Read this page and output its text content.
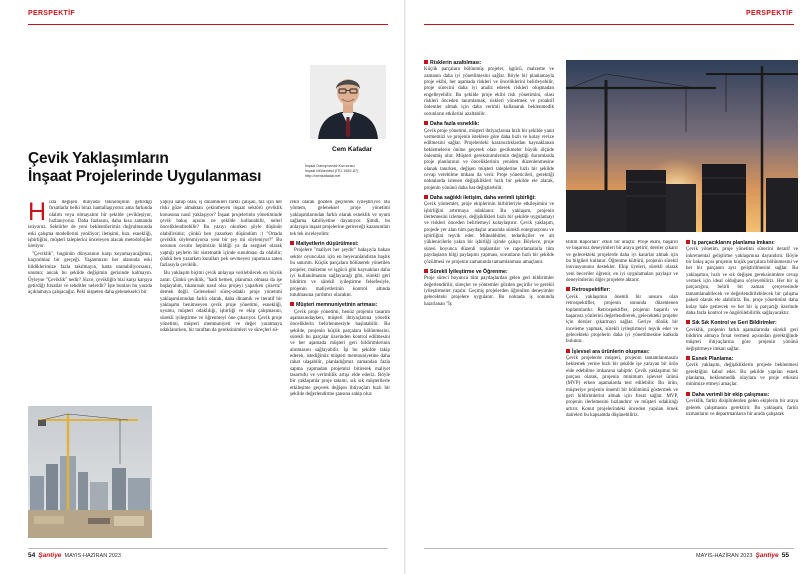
PERSPEKTİF
Cem Kafadar
İnşaat Danışmanlık Kurucusu
İnşaat Mühendisi (İTÜ 1982-87)
http://cemkafadar.net
Çevik Yaklaşımların
İnşaat Projelerinde Uygulanması
H ızla değişen dünyada teknolojinin getirdiği fırsatlarla belki biraz hantallaşıyoruz ama farkında olalım veya olmayalım bir şekilde çevikleşiyor, hızlanıyoruz. Daha fazlasını, daha kısa zamanda istiyoruz. Sektörler de yeni beklentilerimiz doğrultusunda eski çalışma modellerini yeniliyor; iletişimi, hızı, esnekliği, işbirliğini, müşteri taleplerini önceleyen alacak metodolojiler üretiyor.

"Çeviklik", bugünün dünyasının karşı koyamayacağımız, kaçınılmaz bir gerçeği. Yaşanmızın her alanında eski bildiklerimize fazla takılmayın, hatta unutabiliyorsanız, unutun; ancak bu şekilde değişimin gerisinde kalmayın. Öyleyse "Çeviklik" nedir? Sizce, çevikliğin bizi karşı karşıya getirdiği fırsatlar ve tehditler nelerdir? İşte bunları bu yazıda açıklamaya çalışacağız. Peki nispeten daha gelenekselci bir

yapıya sahip olan, iş dinamikleri farklı çalışan, hız için her riski göze almaktan çekinmeyen inşaat sektörü çeviklik konusuna nasıl yaklaşıyor? İnşaat projelerinin yönetiminde çevik bakış açısını ne şekilde kullanabilir, neleri önceliklendirebilir? Bu yazıyı okurken şöyle düşünür olabilirsiniz; çünkü ben yazarken düşündüm :) "Ortada çeviklik söylenmiyorsa yeni bir şey mi söyleniyor?" Bu sorunun cevabı hepimizin bildiği ya da sezgisel olarak yaptığı şeylerin bir sistematik içinde sunulması da olabilir; çünkü ben yazarken kuralları pek sevmeyen yapımıza zaten fazlasıyla çeviklik.

Bu yaklaşım biçimi çevik anlayışa verilebilecek en büyük zarar. Çünkü çeviklik, "hadi hemen, planımız olmasa da işe başlayalım, tıkanırsak nasıl olsa projeyi yaparken çözeriz" demek değil. Geleneksel süreç-odaklı proje yönetimi yaklaşımlarından farklı olarak, daha dinamik ve iteratif bir yaklaşımı benimseyen çevik proje yönetimi, esnekliği, uyumu, müşteri odaklılığı, işbirliği ve ekip çalışmasını, sürekli iyileştirme ve öğrenmeyi öne çıkarıyor. Çevik proje yönetimi, müşteri memnuniyeti ve değer yaratmaya odaklanırken, bir taraftan da gereksinimleri ve süreçleri sü-

rekli olarak gözden geçirerek iyileştiriyor. Bu yöntem, geleneksel proje yönetimi yaklaşımlarından farklı olarak esneklik ve uyum sağlama kabiliyetine dayanıyor. Şimdi, bu anlayışın inşaat projelerine getireceği kazanımları tek tek inceleyelim:

Maliyetlerin düşürülmesi:

Projelere "maliyet her şeydir" bakışıyla bakan sektör oyuncuları için en heyecanlandıran başlık bu sanırım. Küçük parçalara bölünerek yönetilen projeler, malzeme ve işgücü gibi kaynakları daha iyi kullanılmasını sağlayacağı gibi, sürekli geri bildirim ve sürekli iyileştirme felsefesiyle, projenin maliyetlerinin kontrol altında tutulmasına yardımcı olacaktır.

Müşteri memnuniyetinin artması:

Çevik proje yönetimi, henüz projenin tasarım aşamasındayken, müşteri ihtiyaçlarına yönelik önceliklerin belirlenmesiyle başlatabilir. Bu şekilde, projenin küçük parçalara bölünmesini, sürekli bu parçalar üzerinden kontrol edilmesini ve her aşamada müşteri geri bildirimlerinin alınmasını sağlayabilir. İşi bu şekilde takip ederek, istediğimiz müşteri memnuniyetine daha rahat ulaşabilir, planladığımız zamandan fazla sapma yapmadan projemizi bitirerek maliyet tasarrufu ve verimlilik artışı elde ederiz. Böyle bir yaklaşımla proje takımı, sık sık müşterilerle etkileşime geçerek değişen ihtiyaçları hızlı bir şekilde değerlendirme şansına sahip olur.

54 Şantiye MAYIS-HAZİRAN 2023
PERSPEKTİF
Risklerin azaltılması:

Küçük parçalara bölünmüş projeler, işgücü, malzeme ve zamanın daha iyi yönetilmesini sağlar. Böyle bir planlamayla proje ekibi, her aşamada riskleri ve önceliklerini belirleyebilir, proje sürecini daha iyi analiz ederek riskleri oluşmadan engelleyebilir. Bu şekilde proje ekibi risk yönetimini, olası riskleri önceden tanımlamak, riskleri yönetmek ve proaktif önlemler almak için daha verimli kullanarak beklenmedik sorunların etkilerini azaltabilir.

Daha fazla esneklik:

Çevik proje yönetimi, müşteri ihtiyaçlarına hızlı bir şekilde yanıt vermemizi ve projenin isteklere göre daha hızlı ve kolay revize edilmesini sağlar. Projelerdeki kararsızlıklardan kaynaklanan beklemelerin önüne geçerek olası gecikmeler büyük ölçüde önlenmiş olur. Müşteri gereksinimlerinin değiştiği durumlarda proje planlarının ve önceliklerinin yeniden düzenlenmesine olanak tanırken, değişen müşteri taleplerine hızlı bir şekilde cevap verebilme imkanı da verir. Proje yöneticileri, gerektiği noktalarda istenen değişiklikleri hızlı bir şekilde ele alarak, projenin yönünü daha hat değiştirebilir.

Daha sağlıklı iletişim, daha verimli işbirliği:

Çevik yöntemler, proje ekiplerinin birbirleriyle etkileşimini ve işbirliğini artırmaya odaklanır. Bu yaklaşım, projenin ilerlemesini izlemeyi, değişiklikleri hızlı bir şekilde uygulamayı ve riskleri önceden belirlemeyi kolaylaştırır. Çevik yaklaşım, projede yer alan tüm paydaşlar arasında sürekli entegrasyonu ve işbirliğini teşvik eder. Müteahhitler, tedarikçiler ve alt yüklenicilerle yakın bir işbirliği içinde çalışır. Böylece, proje süresi boyunca düzenli toplantılar ve raporlamalarla tüm paydaşların bilgi paylaşımı yapması, sorunların hızlı bir şekilde çözülmesi ve projenin zamanında tamamlanması amaçlanır.

Sürekli İyileştirme ve Öğrenme:

Proje süreci boyunca tüm paydaşlardan gelen geri bildirimler değerlendirilir, süreçler ve yöntemler gözden geçirilir ve gerekli iyileştirmeler yapılır. Geçmiş projelerden öğrenilen deneyimler gelecekteki projelere uygulanır. Bu noktada iş sonunda hazırlanan "İş

Bitim Raporları" etkili bir araçtır. Proje ekibi, başarılı ve başarısız deneyimleri bir araya getirir, dersler çıkarır ve gelecekteki projelerde daha iyi kararlar almak için bu bilgileri kullanır. Öğrenme kültürü, projenin sürekli inovasyonunu destekler. Ekip üyeleri, sürekli olarak yeni beceriler öğrenir, en iyi uygulamaları paylaşır ve deneyimlerini diğer projelere aktarır.

Retrospektifler:

Çevik yaklaşımın önemli bir unsuru olan retrospektifler, projenin sonunda düzenlenen toplantılardır. Retrospektifler, projenin başarılı ve başarısız yönlerini değerlendirerek, gelecekteki projeler için dersler çıkarmayı sağlar. Geriye dönük bir inceleme yapmak, sürekli iyileştirmeyi teşvik eder ve gelecekteki projelerin daha iyi yönetilmesine katkıda bulunur.

İşlevsel ara ürünlerin oluşması:

Çevik projelerde müşteri, projenin tamamlanmasını beklemek yerine hızlı bir şekilde işe yarayan bir ürün elde edebilme imkanına sahiptir. Çevik yaklaşımın bir parçası olarak, projenin minimum işlevsel ürünü (MVP) erken aşamalarda test edilebilir. Bu ürün, müşteriye projenin önemli bir bölümünü göstermek ve geri bildirimlerini almak için fırsat sağlar. MVP, projenin ilerlemesini hızlandırır ve müşteri odaklılığı artırır. Konut projelerindeki önceden yapılan örnek daireleri bu kapsamda düşünebiliriz.

İş parçacıklarını planlama imkanı:

Çevik yönetim, proje yönetimi sürecini iteratif ve inkremental geliştirme yaklaşımına dayandırır. Böyle bir bakış açısı projenin küçük parçalara bölünmesini ve her bir parçanın ayrı geliştirilmesini sağlar. Bu yaklaşımın, hızlı ve sık değişen gereksinimlere cevap vermek için ideal olduğunu söyleyebiliriz. Her bir iş parçacığını, belirli bir zaman çerçevesinde tamamlanabilecek ve değerlendirilebilecek bir çalışma paketi olarak ele alabiliriz. Bu, proje yönetimini daha kolay hale getirecek ve her bir iş parçacığı üzerinde daha fazla kontrol ve öngörülebilirlik sağlayacaktır.

Sık Sık Kontrol ve Geri Bildirimler:

Çeviklik, projenin farklı aşamalarında sürekli geri bildirim almaya fırsat vermesi açısından gerektiğinde müşteri ihtiyaçlarına göre projenin yönünü değiştirmeye imkan sağlar.

Esnek Planlama:

Çevik yaklaşım, değişikliklerin projede beklenmesi gerektiğini kabul eder. Bu şekilde yapılan esnek planlama, beklenmedik olaylara ve proje etkisini minimize etmeyi amaçlar.

Daha verimli bir ekip çalışması:

Çeviklik, farklı disiplinlerden gelen ekiplerin bir araya gelerek çalışmasını gerektirir. Bu yaklaşım, farklı uzmanların ve departmanların bir arada çalışarak

MAYIS-HAZİRAN 2023 Şantiye 55
